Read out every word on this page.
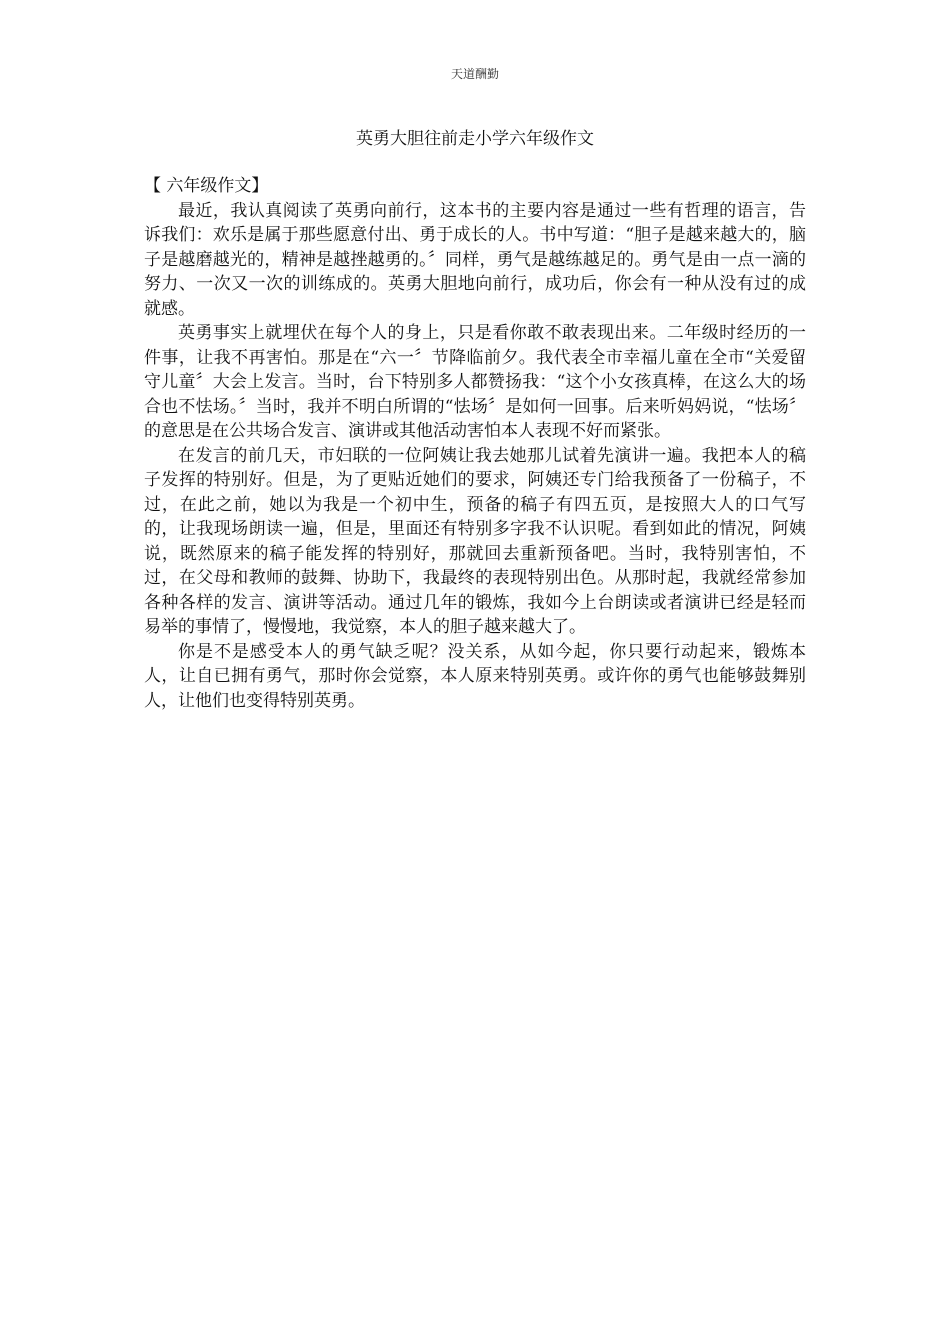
天道酬勤
英勇大胆往前走小学六年级作文

【 六年级作文】

最近，我认真阅读了英勇向前行，这本书的主要内容是通过一些有哲理的语言，告诉我们：欢乐是属于那些愿意付出、勇于成长的人。书中写道：“胆子是越来越大的，脑子是越磨越光的，精神是越挫越勇的。〞同样，勇气是越练越足的。勇气是由一点一滴的努力、一次又一次的训练成的。英勇大胆地向前行，成功后，你会有一种从没有过的成就感。

英勇事实上就埋伏在每个人的身上，只是看你敢不敢表现出来。二年级时经历的一件事，让我不再害怕。那是在“六一〞节降临前夕。我代表全市幸福儿童在全市“关爱留守儿童〞大会上发言。当时，台下特别多人都赞扬我：“这个小女孩真棒，在这么大的场合也不怯场。〞当时，我并不明白所谓的“怯场〞是如何一回事。后来听妈妈说，“怯场〞的意思是在公共场合发言、演讲或其他活动害怕本人表现不好而紧张。

在发言的前几天，市妇联的一位阿姨让我去她那儿试着先演讲一遍。我把本人的稿子发挥的特别好。但是，为了更贴近她们的要求，阿姨还专门给我预备了一份稿子，不过，在此之前，她以为我是一个初中生，预备的稿子有四五页，是按照大人的口气写的，让我现场朗读一遍，但是，里面还有特别多字我不认识呢。看到如此的情况，阿姨说，既然原来的稿子能发挥的特别好，那就回去重新预备吧。当时，我特别害怕，不过，在父母和教师的鼓舞、协助下，我最终的表现特别出色。从那时起，我就经常参加各种各样的发言、演讲等活动。通过几年的锻炼，我如今上台朗读或者演讲已经是轻而易举的事情了，慢慢地，我觉察，本人的胆子越来越大了。

你是不是感受本人的勇气缺乏呢？没关系，从如今起，你只要行动起来，锻炼本人，让自已拥有勇气，那时你会觉察，本人原来特别英勇。或许你的勇气也能够鼓舞别人，让他们也变得特别英勇。
